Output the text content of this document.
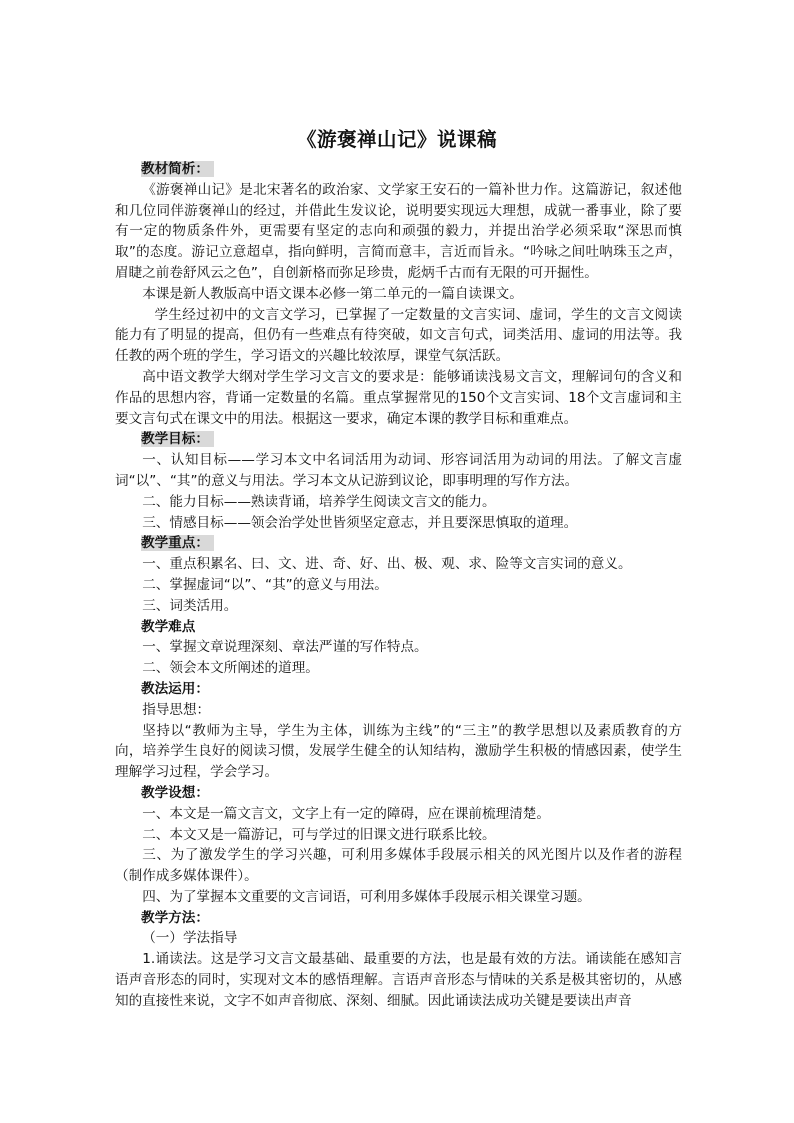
《游褒禅山记》说课稿

教材简析：

《游褒禅山记》是北宋著名的政治家、文学家王安石的一篇补世力作。这篇游记，叙述他和几位同伴游褒禅山的经过，并借此生发议论，说明要实现远大理想，成就一番事业，除了要有一定的物质条件外，更需要有坚定的志向和顽强的毅力，并提出治学必须采取“深思而慎取”的态度。游记立意超卓，指向鲜明，言简而意丰，言近而旨永。“吟咏之间吐呐珠玉之声，眉睫之前卷舒风云之色”，自创新格而弥足珍贵，彪炳千古而有无限的可开掘性。

本课是新人教版高中语文课本必修一第二单元的一篇自读课文。

学生经过初中的文言文学习，已掌握了一定数量的文言实词、虚词，学生的文言文阅读能力有了明显的提高，但仍有一些难点有待突破，如文言句式，词类活用、虚词的用法等。我任教的两个班的学生，学习语文的兴趣比较浓厚，课堂气氛活跃。

高中语文教学大纲对学生学习文言文的要求是：能够诵读浅易文言文，理解词句的含义和作品的思想内容，背诵一定数量的名篇。重点掌握常见的150个文言实词、18个文言虚词和主要文言句式在课文中的用法。根据这一要求，确定本课的教学目标和重难点。

教学目标：

一、认知目标——学习本文中名词活用为动词、形容词活用为动词的用法。了解文言虚词“以”、“其”的意义与用法。学习本文从记游到议论，即事明理的写作方法。

二、能力目标——熟读背诵，培养学生阅读文言文的能力。

三、情感目标——领会治学处世皆须坚定意志，并且要深思慎取的道理。

教学重点：

一、重点积累名、曰、文、进、奇、好、出、极、观、求、险等文言实词的意义。

二、掌握虚词“以”、“其”的意义与用法。

三、词类活用。

教学难点

一、掌握文章说理深刻、章法严谨的写作特点。

二、领会本文所阐述的道理。

教法运用：

指导思想：

坚持以“教师为主导，学生为主体，训练为主线”的“三主”的教学思想以及素质教育的方向，培养学生良好的阅读习惯，发展学生健全的认知结构，激励学生积极的情感因素，使学生理解学习过程，学会学习。

教学设想：

一、本文是一篇文言文，文字上有一定的障碍，应在课前梳理清楚。

二、本文又是一篇游记，可与学过的旧课文进行联系比较。

三、为了激发学生的学习兴趣，可利用多媒体手段展示相关的风光图片以及作者的游程（制作成多媒体课件）。

四、为了掌握本文重要的文言词语，可利用多媒体手段展示相关课堂习题。

教学方法：

（一）学法指导

1.诵读法。这是学习文言文最基础、最重要的方法，也是最有效的方法。诵读能在感知言语声音形态的同时，实现对文本的感悟理解。言语声音形态与情味的关系是极其密切的，从感知的直接性来说，文字不如声音彻底、深刻、细腻。因此诵读法成功关键是要读出声音
